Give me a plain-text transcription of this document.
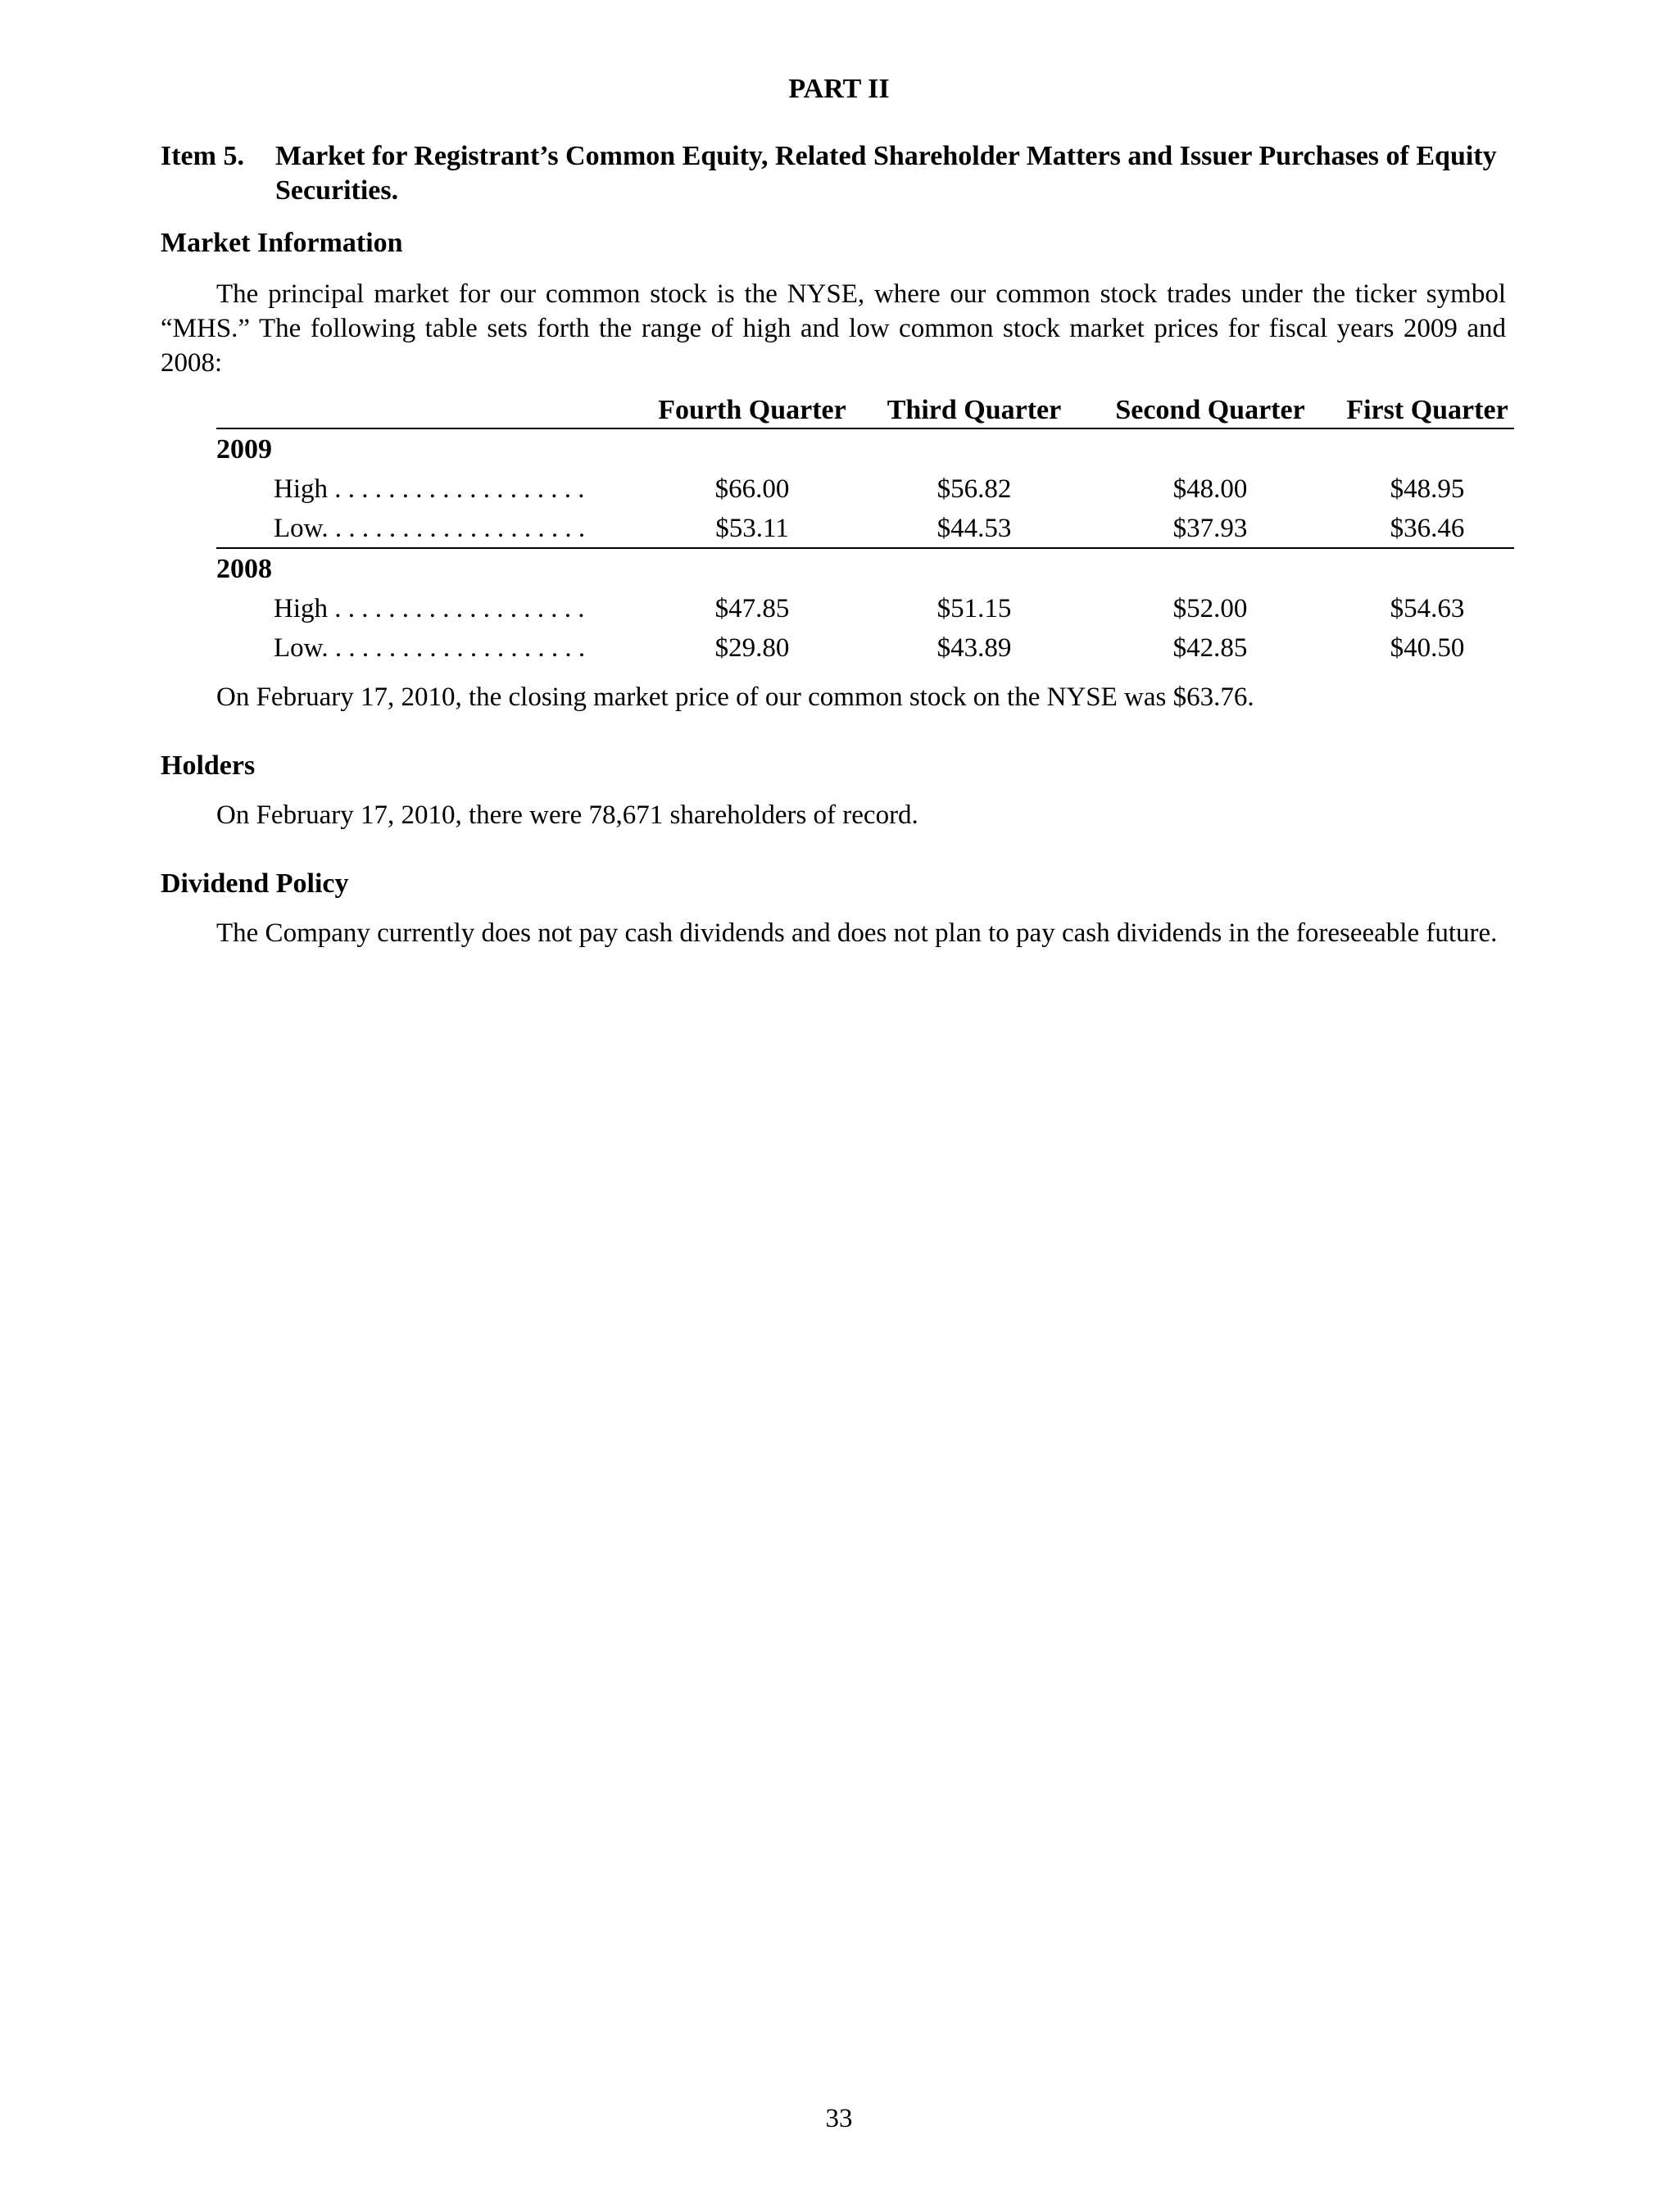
PART II
Item 5. Market for Registrant’s Common Equity, Related Shareholder Matters and Issuer Purchases of Equity Securities.
Market Information
The principal market for our common stock is the NYSE, where our common stock trades under the ticker symbol “MHS.” The following table sets forth the range of high and low common stock market prices for fiscal years 2009 and 2008:
Fourth Quarter Third Quarter Second Quarter First Quarter
2009
High . . . . . . . . . . . . . . . . . . .	$66.00	$56.82	$48.00	$48.95
Low. . . . . . . . . . . . . . . . . . . .	$53.11	$44.53	$37.93	$36.46
2008
High . . . . . . . . . . . . . . . . . . .	$47.85	$51.15	$52.00	$54.63
Low. . . . . . . . . . . . . . . . . . . .	$29.80	$43.89	$42.85	$40.50
On February 17, 2010, the closing market price of our common stock on the NYSE was $63.76.
Holders
On February 17, 2010, there were 78,671 shareholders of record.
Dividend Policy
The Company currently does not pay cash dividends and does not plan to pay cash dividends in the foreseeable future.
33
